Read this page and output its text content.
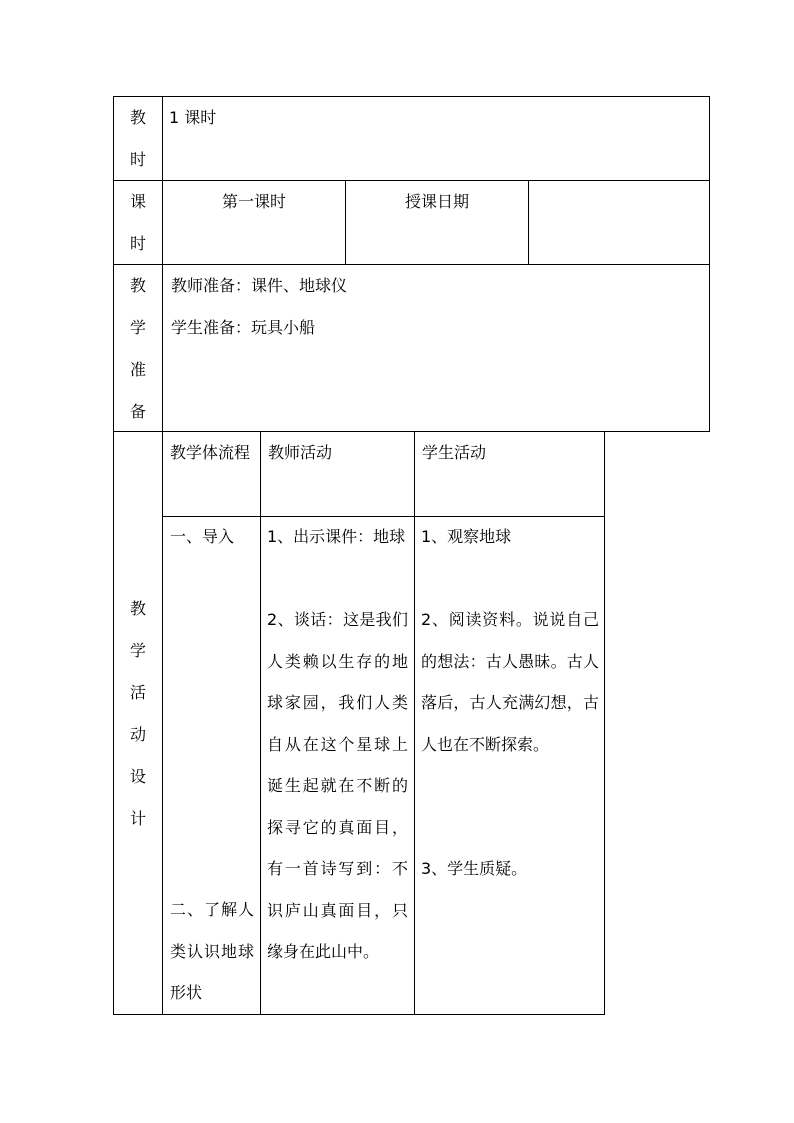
教
时
1 课时
课
时
第一课时	授课日期
教
学
准
备
教师准备：课件、地球仪
学生准备：玩具小船
教
学
活
动
设
计
教学体流程 教师活动	学生活动
一、导入
二、了解人类认识地球形状
1、出示课件：地球
2、谈话：这是我们人类赖以生存的地球家园，我们人类自从在这个星球上诞生起就在不断的探寻它的真面目，有一首诗写到：不识庐山真面目，只缘身在此山中。
1、观察地球
2、阅读资料。说说自己的想法：古人愚昧。古人落后，古人充满幻想，古人也在不断探索。
3、学生质疑。
